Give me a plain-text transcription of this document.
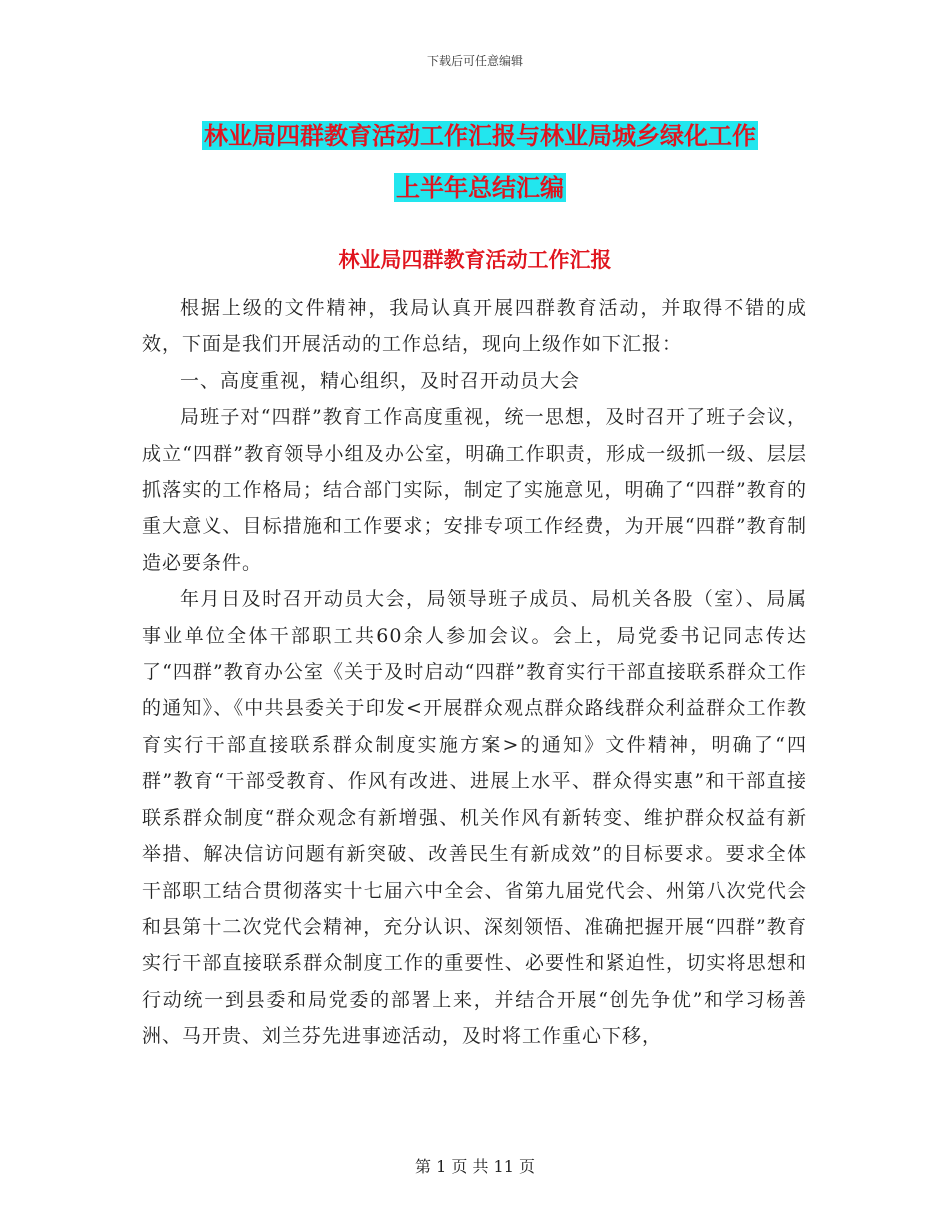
下载后可任意编辑
林业局四群教育活动工作汇报与林业局城乡绿化工作
上半年总结汇编
林业局四群教育活动工作汇报

根据上级的文件精神，我局认真开展四群教育活动，并取得不错的成效，下面是我们开展活动的工作总结，现向上级作如下汇报：

一、高度重视，精心组织，及时召开动员大会

局班子对“四群”教育工作高度重视，统一思想，及时召开了班子会议，成立“四群”教育领导小组及办公室，明确工作职责，形成一级抓一级、层层抓落实的工作格局；结合部门实际，制定了实施意见，明确了“四群”教育的重大意义、目标措施和工作要求；安排专项工作经费，为开展“四群”教育制造必要条件。

年月日及时召开动员大会，局领导班子成员、局机关各股（室）、局属事业单位全体干部职工共60余人参加会议。会上，局党委书记同志传达了“四群”教育办公室《关于及时启动“四群”教育实行干部直接联系群众工作的通知》、《中共县委关于印发<开展群众观点群众路线群众利益群众工作教育实行干部直接联系群众制度实施方案>的通知》文件精神，明确了“四群”教育“干部受教育、作风有改进、进展上水平、群众得实惠”和干部直接联系群众制度“群众观念有新增强、机关作风有新转变、维护群众权益有新举措、解决信访问题有新突破、改善民生有新成效”的目标要求。要求全体干部职工结合贯彻落实十七届六中全会、省第九届党代会、州第八次党代会和县第十二次党代会精神，充分认识、深刻领悟、准确把握开展“四群”教育实行干部直接联系群众制度工作的重要性、必要性和紧迫性，切实将思想和行动统一到县委和局党委的部署上来，并结合开展“创先争优”和学习杨善洲、马开贵、刘兰芬先进事迹活动，及时将工作重心下移，

第 1 页 共 11 页
